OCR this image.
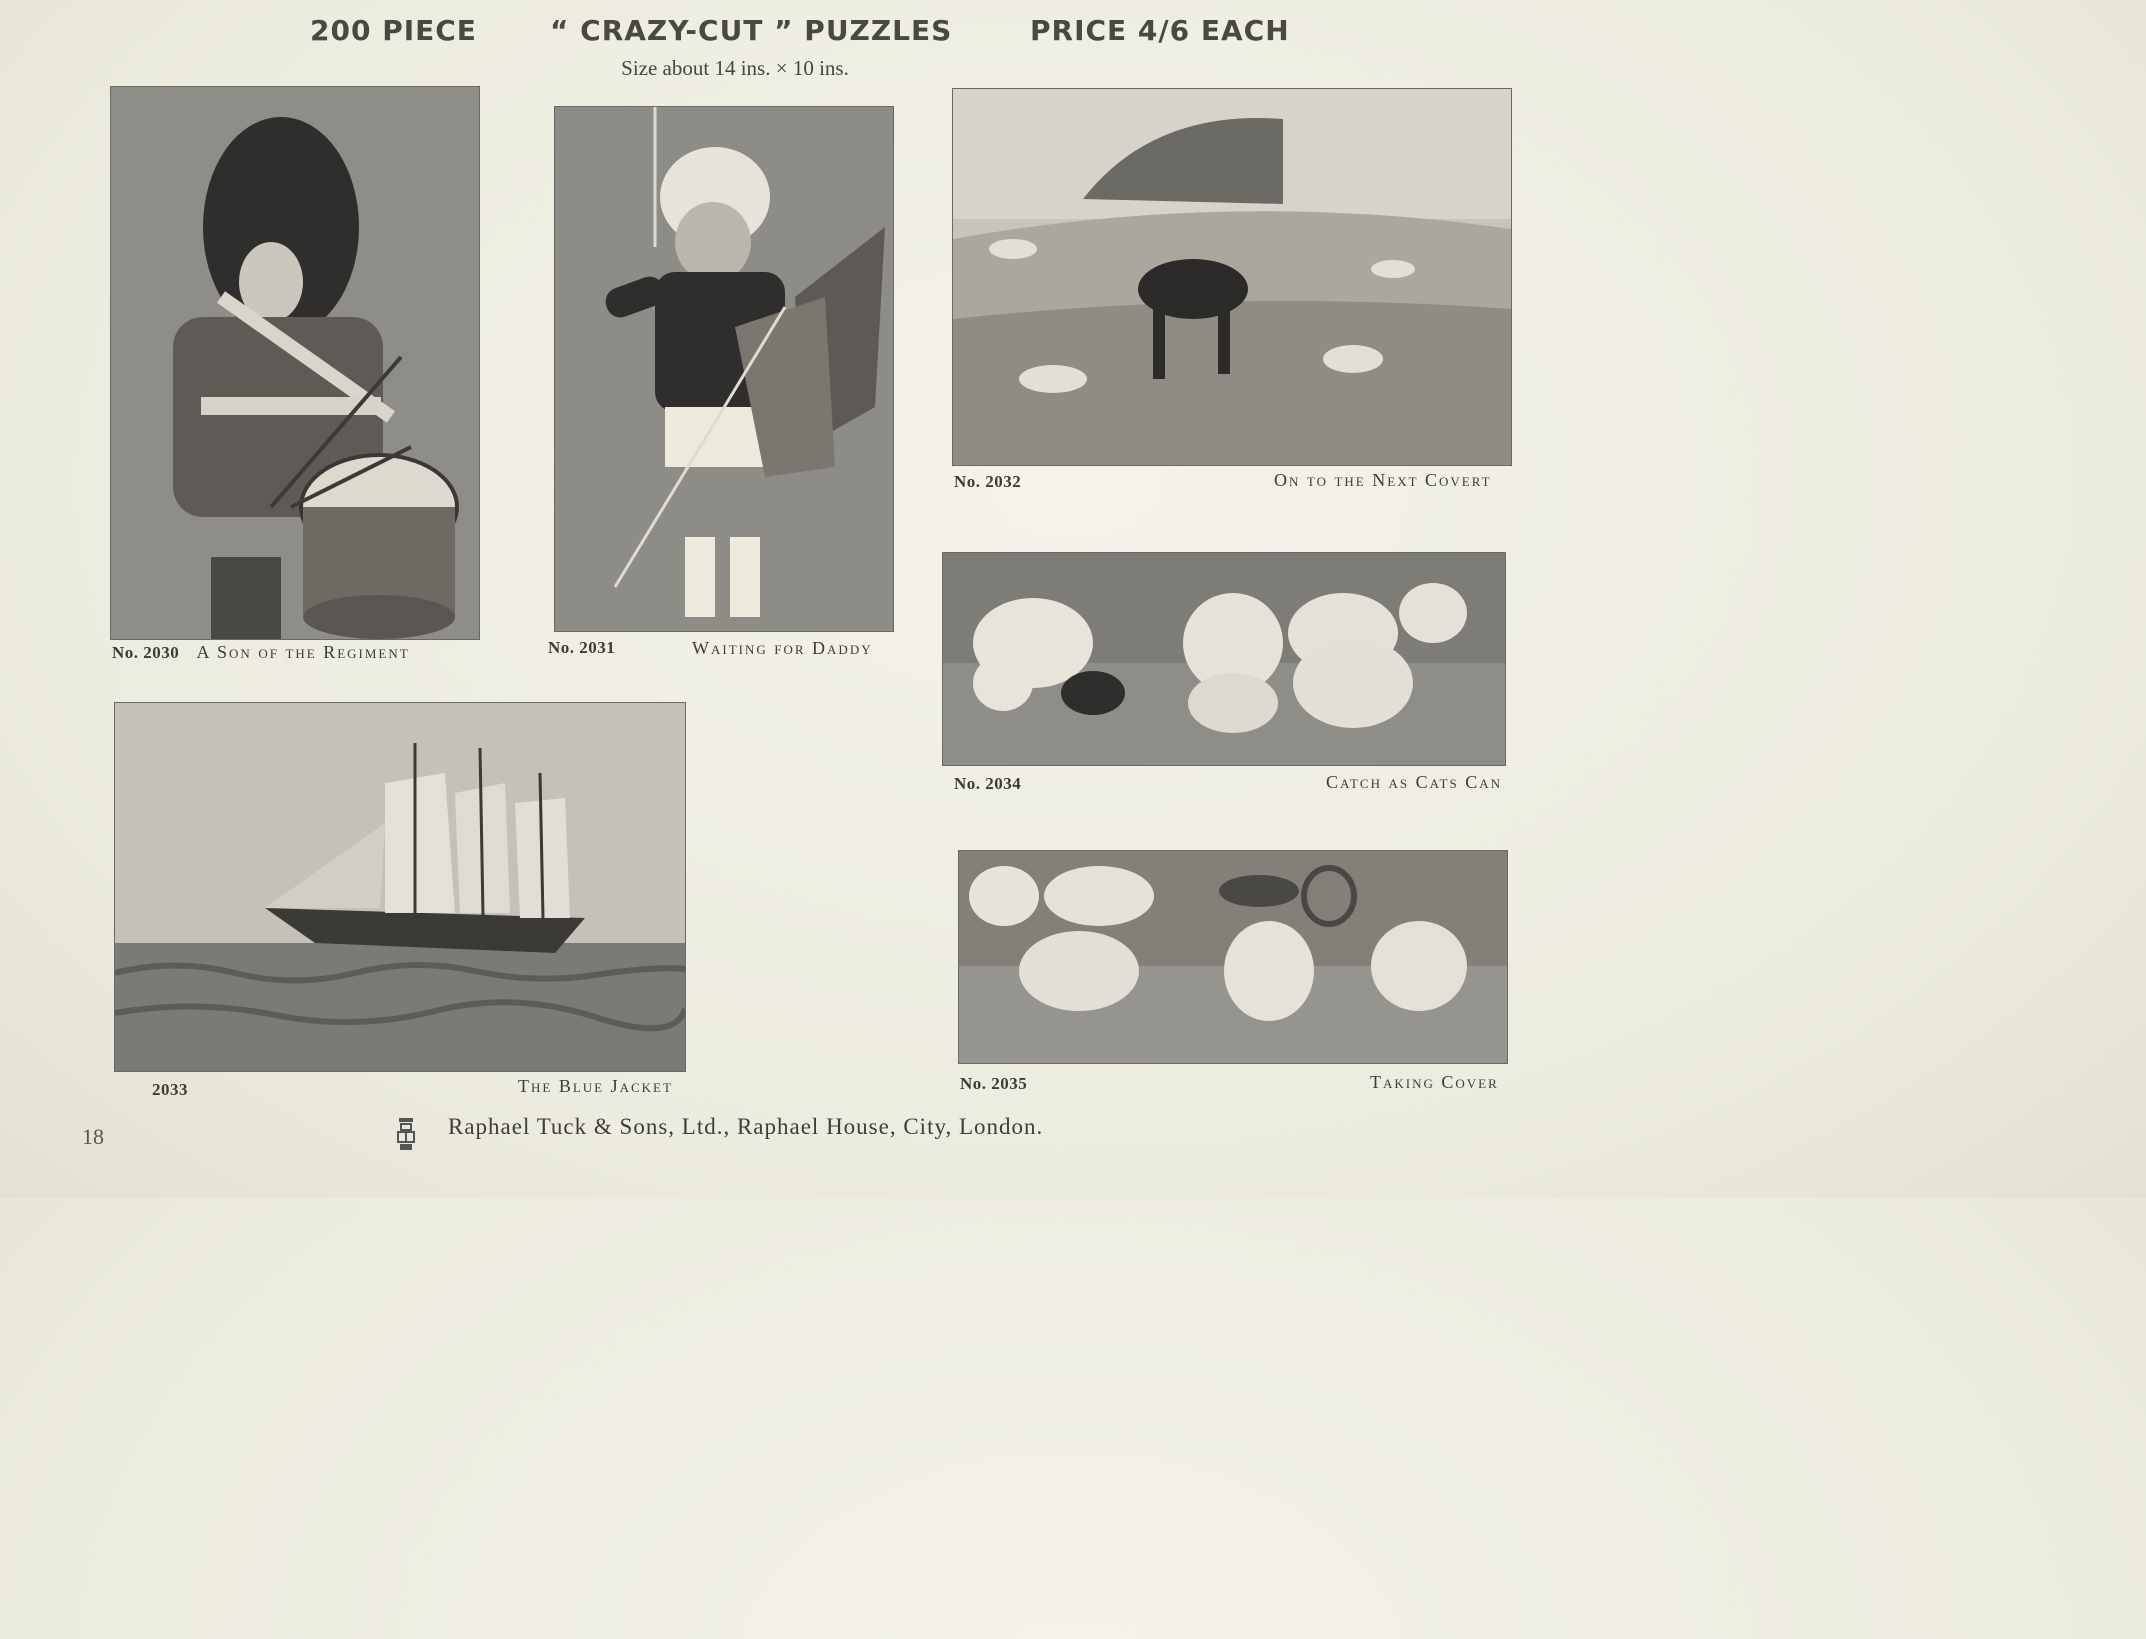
200 PIECE	“ CRAZY-CUT ” PUZZLES	PRICE 4/6 EACH
Size about 14 ins. × 10 ins.
No. 2030 A Son of the Regiment	No. 2031	Waiting for Daddy
No. 2032	On to the Next Covert
2033	The Blue Jacket
No. 2034	Catch as Cats Can
No. 2035	Taking Cover
18	Raphael Tuck & Sons, Ltd., Raphael House, City, London.
